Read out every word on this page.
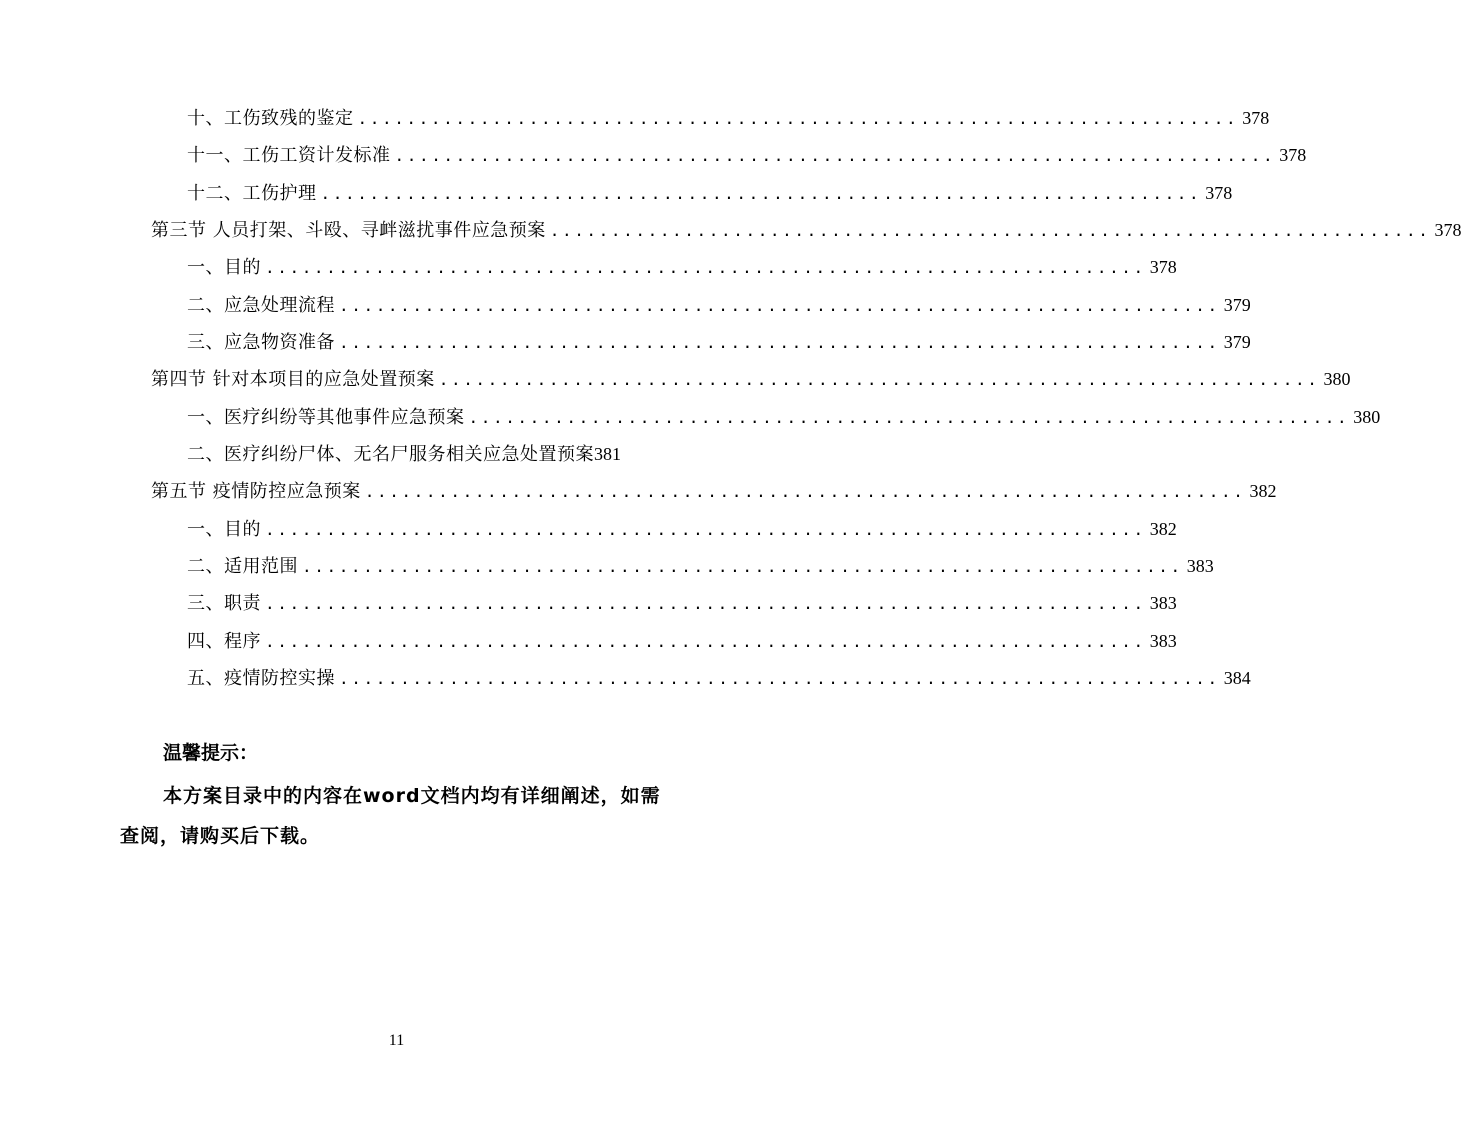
十、工伤致残的鉴定 ........................................................................ 378
十一、工伤工资计发标准 ........................................................................ 378
十二、工伤护理 ........................................................................ 378
第三节 人员打架、斗殴、寻衅滋扰事件应急预案 ........................................................................ 378
一、目的 ........................................................................ 378
二、应急处理流程 ........................................................................ 379
三、应急物资准备 ........................................................................ 379
第四节 针对本项目的应急处置预案 ........................................................................ 380
一、医疗纠纷等其他事件应急预案 ........................................................................ 380
二、医疗纠纷尸体、无名尸服务相关应急处置预案 381
第五节 疫情防控应急预案 ........................................................................ 382
一、目的 ........................................................................ 382
二、适用范围 ........................................................................ 383
三、职责 ........................................................................ 383
四、程序 ........................................................................ 383
五、疫情防控实操 ........................................................................ 384
温馨提示：
本方案目录中的内容在word文档内均有详细阐述，如需查阅，请购买后下载。
11
